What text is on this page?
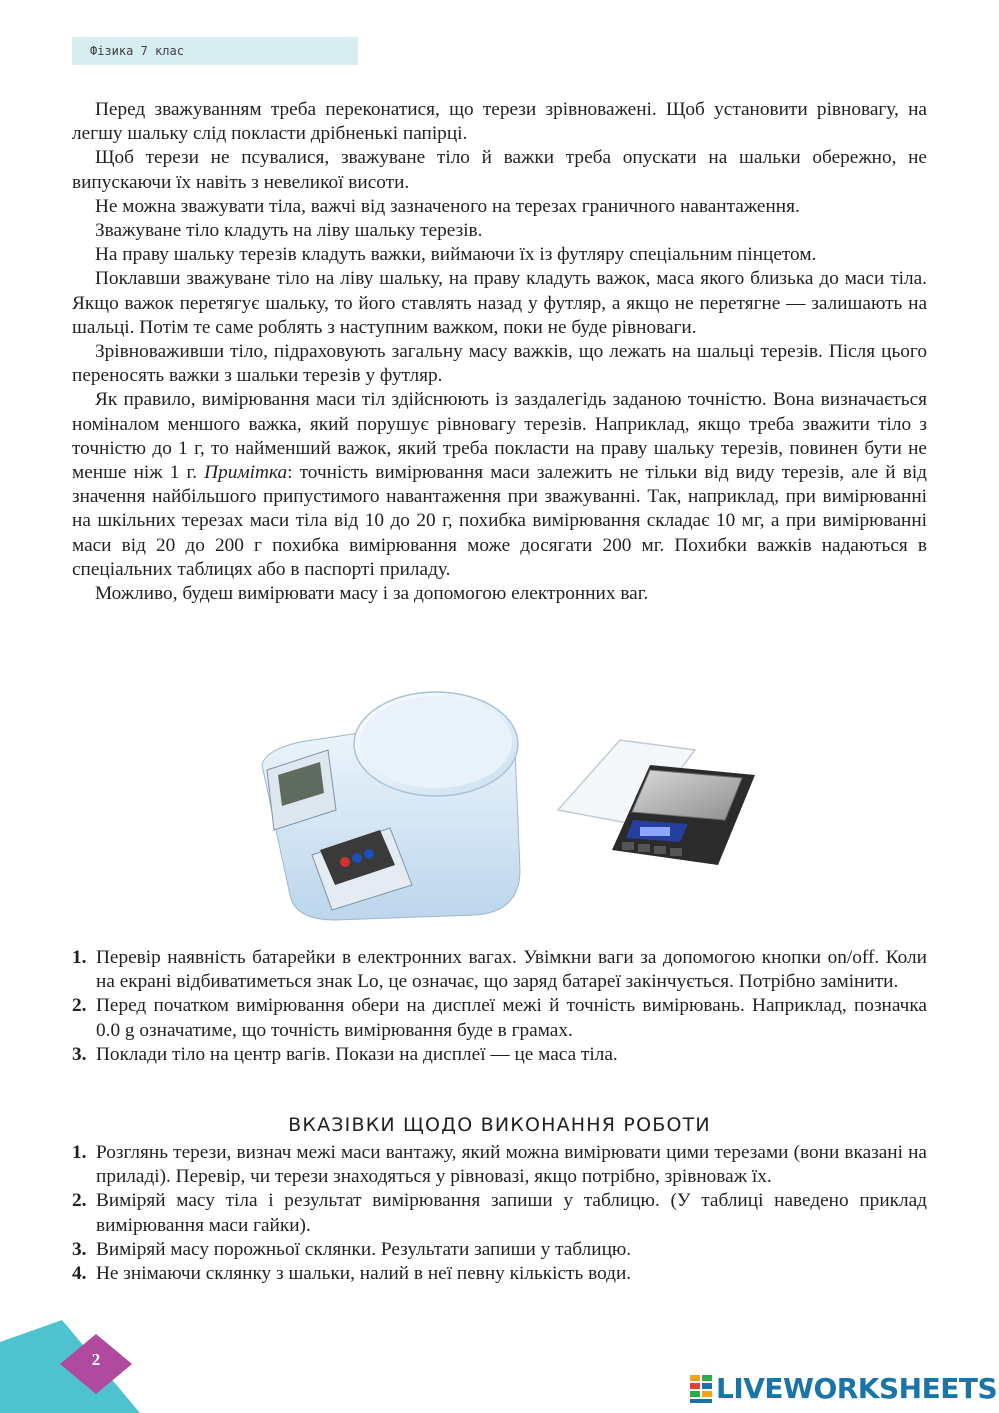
Фізика 7 клас

Перед зважуванням треба переконатися, що терези зрівноважені. Щоб установити рівновагу, на легшу шальку слід покласти дрібненькі папірці.

Щоб терези не псувалися, зважуване тіло й важки треба опускати на шальки обережно, не випускаючи їх навіть з невеликої висоти.

Не можна зважувати тіла, важчі від зазначеного на терезах граничного навантаження.

Зважуване тіло кладуть на ліву шальку терезів.

На праву шальку терезів кладуть важки, виймаючи їх із футляру спеціальним пінцетом.

Поклавши зважуване тіло на ліву шальку, на праву кладуть важок, маса якого близька до маси тіла. Якщо важок перетягує шальку, то його ставлять назад у футляр, а якщо не перетягне — залишають на шальці. Потім те саме роблять з наступним важком, поки не буде рівноваги.

Зрівноваживши тіло, підраховують загальну масу важків, що лежать на шальці терезів. Після цього переносять важки з шальки терезів у футляр.

Як правило, вимірювання маси тіл здійснюють із заздалегідь заданою точністю. Вона визначається номіналом меншого важка, який порушує рівновагу терезів. Наприклад, якщо треба зважити тіло з точністю до 1 г, то найменший важок, який треба покласти на праву шальку терезів, повинен бути не менше ніж 1 г. Примітка: точність вимірювання маси залежить не тільки від виду терезів, але й від значення найбільшого припустимого навантаження при зважуванні. Так, наприклад, при вимірюванні на шкільних терезах маси тіла від 10 до 20 г, похибка вимірювання складає 10 мг, а при вимірюванні маси від 20 до 200 г похибка вимірювання може досягати 200 мг. Похибки важків надаються в спеціальних таблицях або в паспорті приладу.

Можливо, будеш вимірювати масу і за допомогою електронних ваг.

1. Перевір наявність батарейки в електронних вагах. Увімкни ваги за допомогою кнопки on/off. Коли на екрані відбиватиметься знак Lo, це означає, що заряд батареї закінчується. Потрібно замінити.
2. Перед початком вимірювання обери на дисплеї межі й точність вимірювань. Наприклад, позначка 0.0 g означатиме, що точність вимірювання буде в грамах.
3. Поклади тіло на центр вагів. Покази на дисплеї — це маса тіла.
ВКАЗІВКИ ЩОДО ВИКОНАННЯ РОБОТИ
1. Розглянь терези, визнач межі маси вантажу, який можна вимірювати цими терезами (вони вказані на приладі). Перевір, чи терези знаходяться у рівновазі, якщо потрібно, зрівноваж їх.
2. Виміряй масу тіла і результат вимірювання запиши у таблицю. (У таблиці наведено приклад вимірювання маси гайки).
3. Виміряй масу порожньої склянки. Результати запиши у таблицю.
4. Не знімаючи склянку з шальки, налий в неї певну кількість води.
2
LIVEWORKSHEETS
